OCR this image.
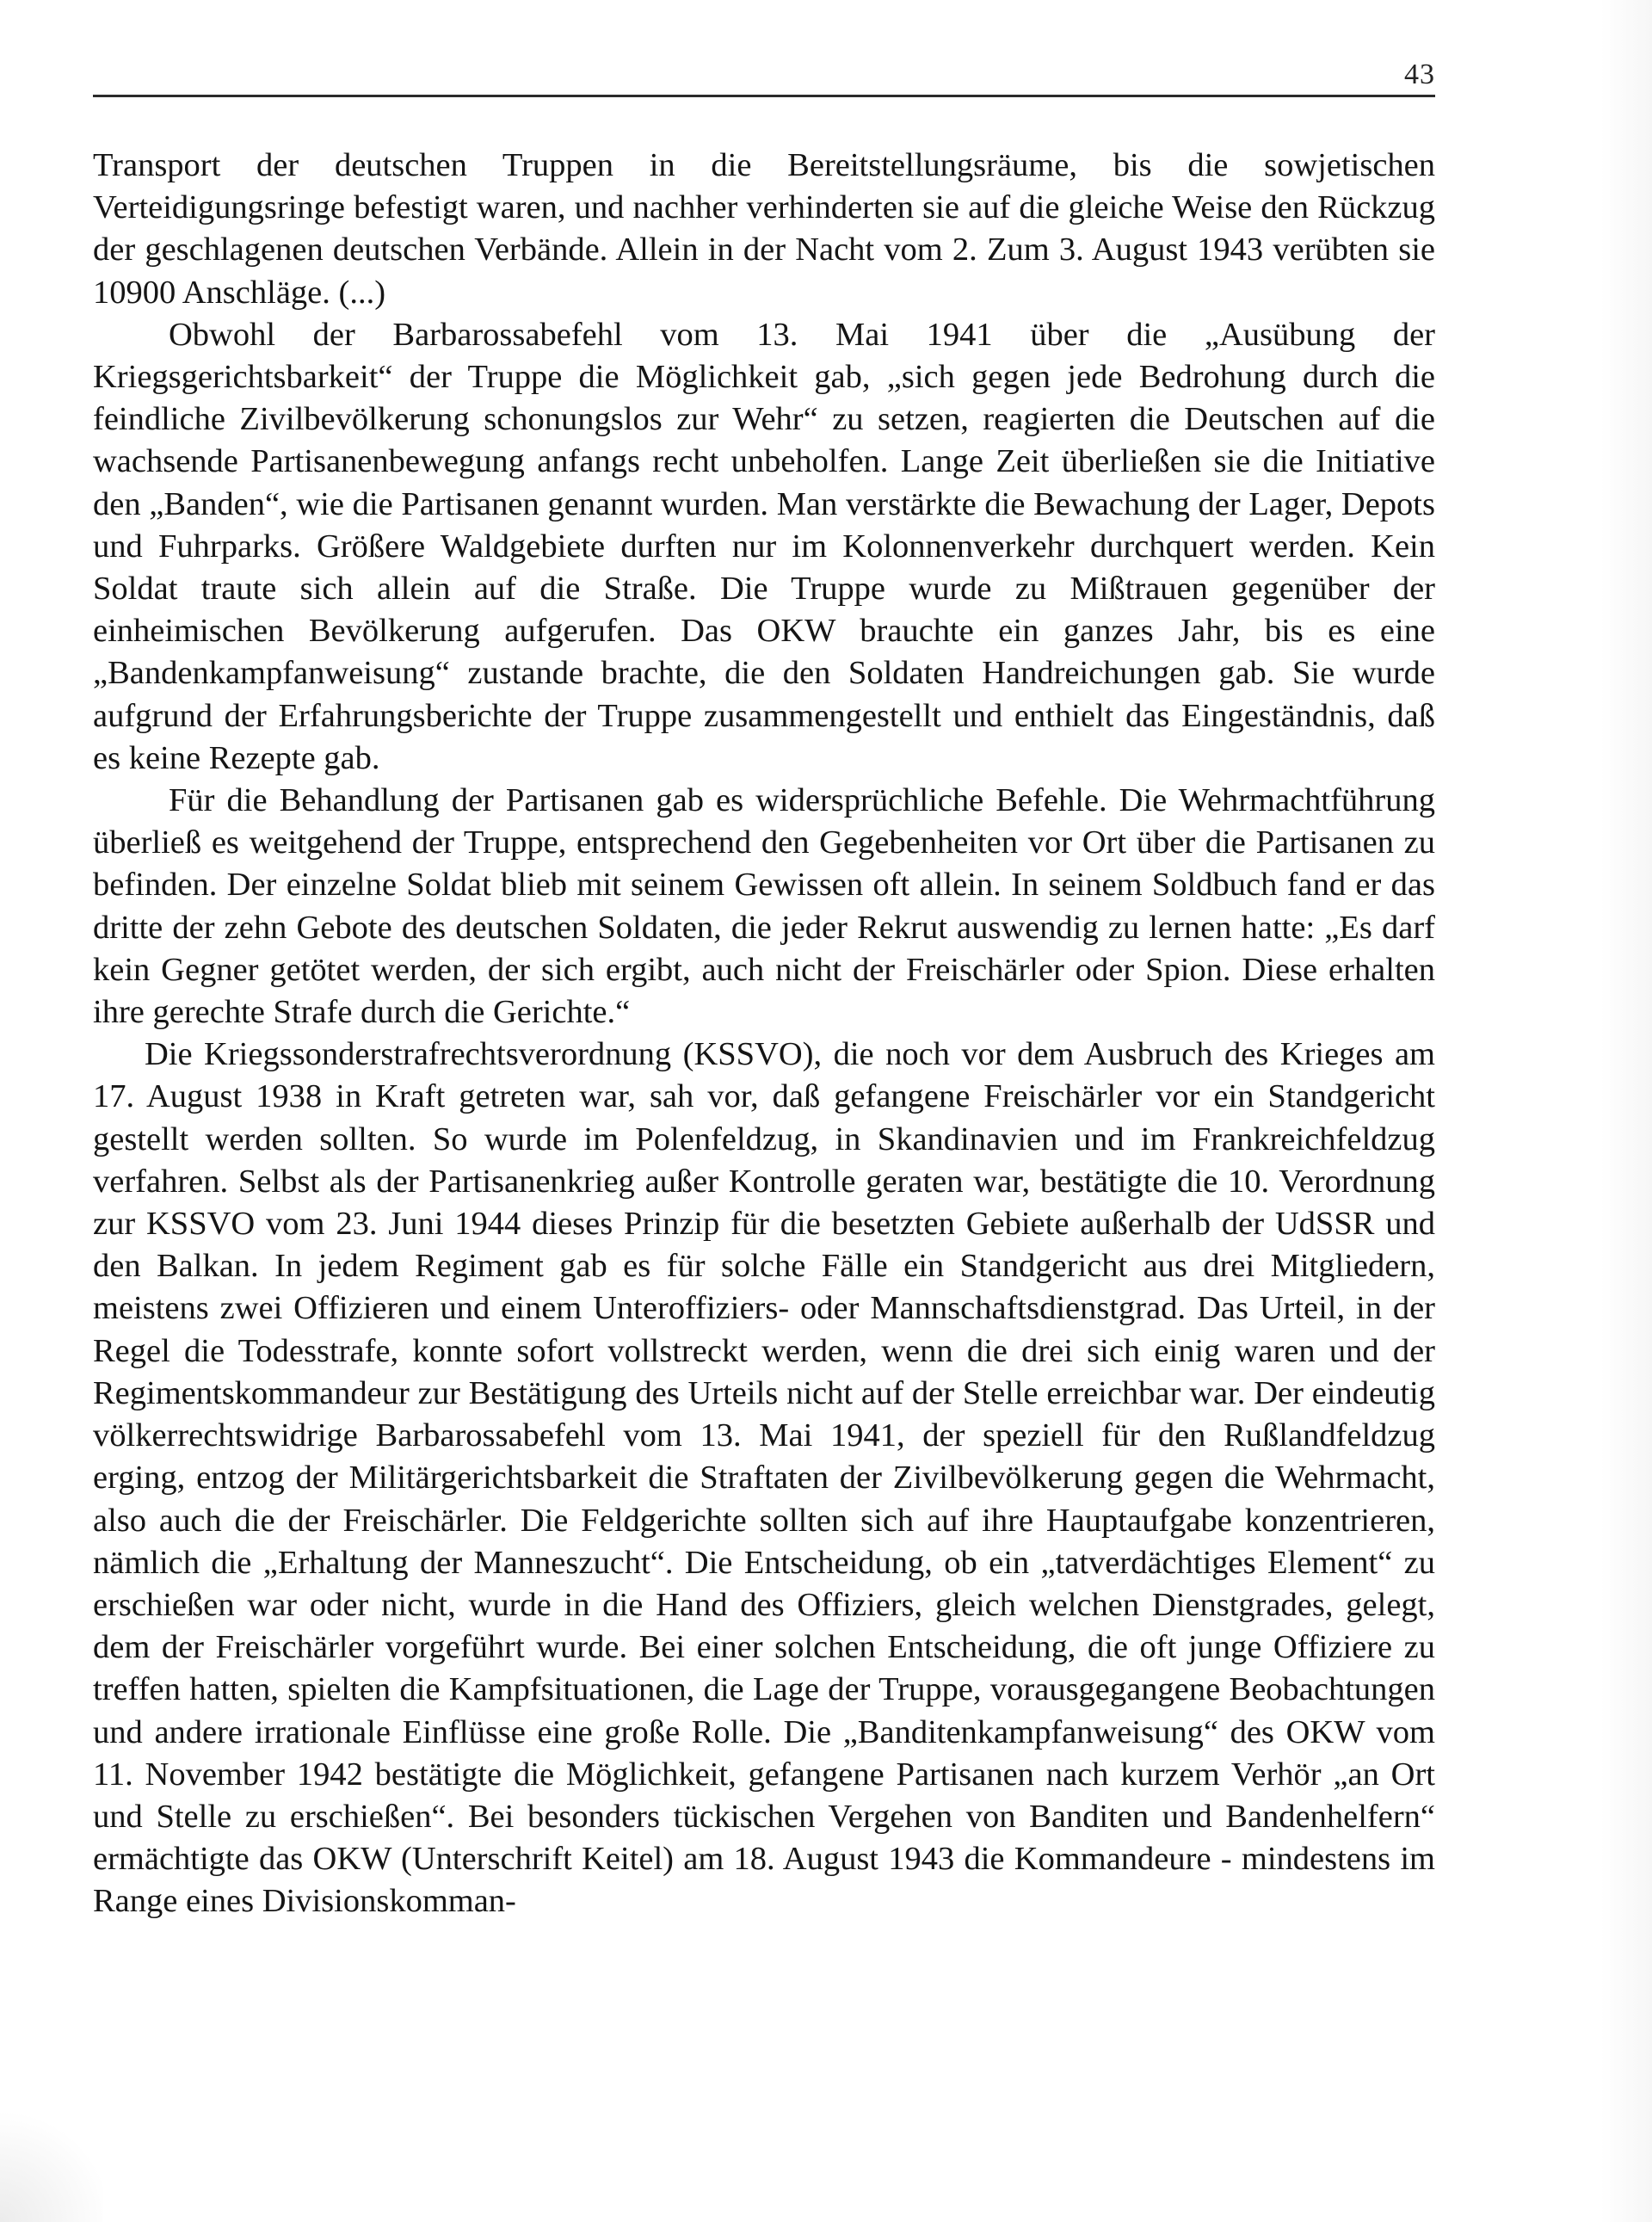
43

Transport der deutschen Truppen in die Bereitstellungsräume, bis die sowjetischen Verteidigungsringe befestigt waren, und nachher verhinderten sie auf die gleiche Weise den Rückzug der geschlagenen deutschen Verbände. Allein in der Nacht vom 2. Zum 3. August 1943 verübten sie 10900 Anschläge. (...)

Obwohl der Barbarossabefehl vom 13. Mai 1941 über die „Ausübung der Kriegsgerichtsbarkeit“ der Truppe die Möglichkeit gab, „sich gegen jede Bedrohung durch die feindliche Zivilbevölkerung schonungslos zur Wehr“ zu setzen, reagierten die Deutschen auf die wachsende Partisanenbewegung anfangs recht unbeholfen. Lange Zeit überließen sie die Initiative den „Banden“, wie die Partisanen genannt wurden. Man verstärkte die Bewachung der Lager, Depots und Fuhrparks. Größere Waldgebiete durften nur im Kolonnenverkehr durchquert werden. Kein Soldat traute sich allein auf die Straße. Die Truppe wurde zu Mißtrauen gegenüber der einheimischen Bevölkerung aufgerufen. Das OKW brauchte ein ganzes Jahr, bis es eine „Bandenkampfanweisung“ zustande brachte, die den Soldaten Handreichungen gab. Sie wurde aufgrund der Erfahrungsberichte der Truppe zusammengestellt und enthielt das Eingeständnis, daß es keine Rezepte gab.

Für die Behandlung der Partisanen gab es widersprüchliche Befehle. Die Wehrmachtführung überließ es weitgehend der Truppe, entsprechend den Gegebenheiten vor Ort über die Partisanen zu befinden. Der einzelne Soldat blieb mit seinem Gewissen oft allein. In seinem Soldbuch fand er das dritte der zehn Gebote des deutschen Soldaten, die jeder Rekrut auswendig zu lernen hatte: „Es darf kein Gegner getötet werden, der sich ergibt, auch nicht der Freischärler oder Spion. Diese erhalten ihre gerechte Strafe durch die Gerichte.“

Die Kriegssonderstrafrechtsverordnung (KSSVO), die noch vor dem Ausbruch des Krieges am 17. August 1938 in Kraft getreten war, sah vor, daß gefangene Freischärler vor ein Standgericht gestellt werden sollten. So wurde im Polenfeldzug, in Skandinavien und im Frankreichfeldzug verfahren. Selbst als der Partisanenkrieg außer Kontrolle geraten war, bestätigte die 10. Verordnung zur KSSVO vom 23. Juni 1944 dieses Prinzip für die besetzten Gebiete außerhalb der UdSSR und den Balkan. In jedem Regiment gab es für solche Fälle ein Standgericht aus drei Mitgliedern, meistens zwei Offizieren und einem Unteroffiziers- oder Mannschaftsdienstgrad. Das Urteil, in der Regel die Todesstrafe, konnte sofort vollstreckt werden, wenn die drei sich einig waren und der Regimentskommandeur zur Bestätigung des Urteils nicht auf der Stelle erreichbar war. Der eindeutig völkerrechtswidrige Barbarossabefehl vom 13. Mai 1941, der speziell für den Rußlandfeldzug erging, entzog der Militärgerichtsbarkeit die Straftaten der Zivilbevölkerung gegen die Wehrmacht, also auch die der Freischärler. Die Feldgerichte sollten sich auf ihre Hauptaufgabe konzentrieren, nämlich die „Erhaltung der Manneszucht“. Die Entscheidung, ob ein „tatverdächtiges Element“ zu erschießen war oder nicht, wurde in die Hand des Offiziers, gleich welchen Dienstgrades, gelegt, dem der Freischärler vorgeführt wurde. Bei einer solchen Entscheidung, die oft junge Offiziere zu treffen hatten, spielten die Kampfsituationen, die Lage der Truppe, vorausgegangene Beobachtungen und andere irrationale Einflüsse eine große Rolle. Die „Banditenkampfanweisung“ des OKW vom 11. November 1942 bestätigte die Möglichkeit, gefangene Partisanen nach kurzem Verhör „an Ort und Stelle zu erschießen“. Bei besonders tückischen Vergehen von Banditen und Bandenhelfern“ ermächtigte das OKW (Unterschrift Keitel) am 18. August 1943 die Kommandeure - mindestens im Range eines Divisionskomman-
